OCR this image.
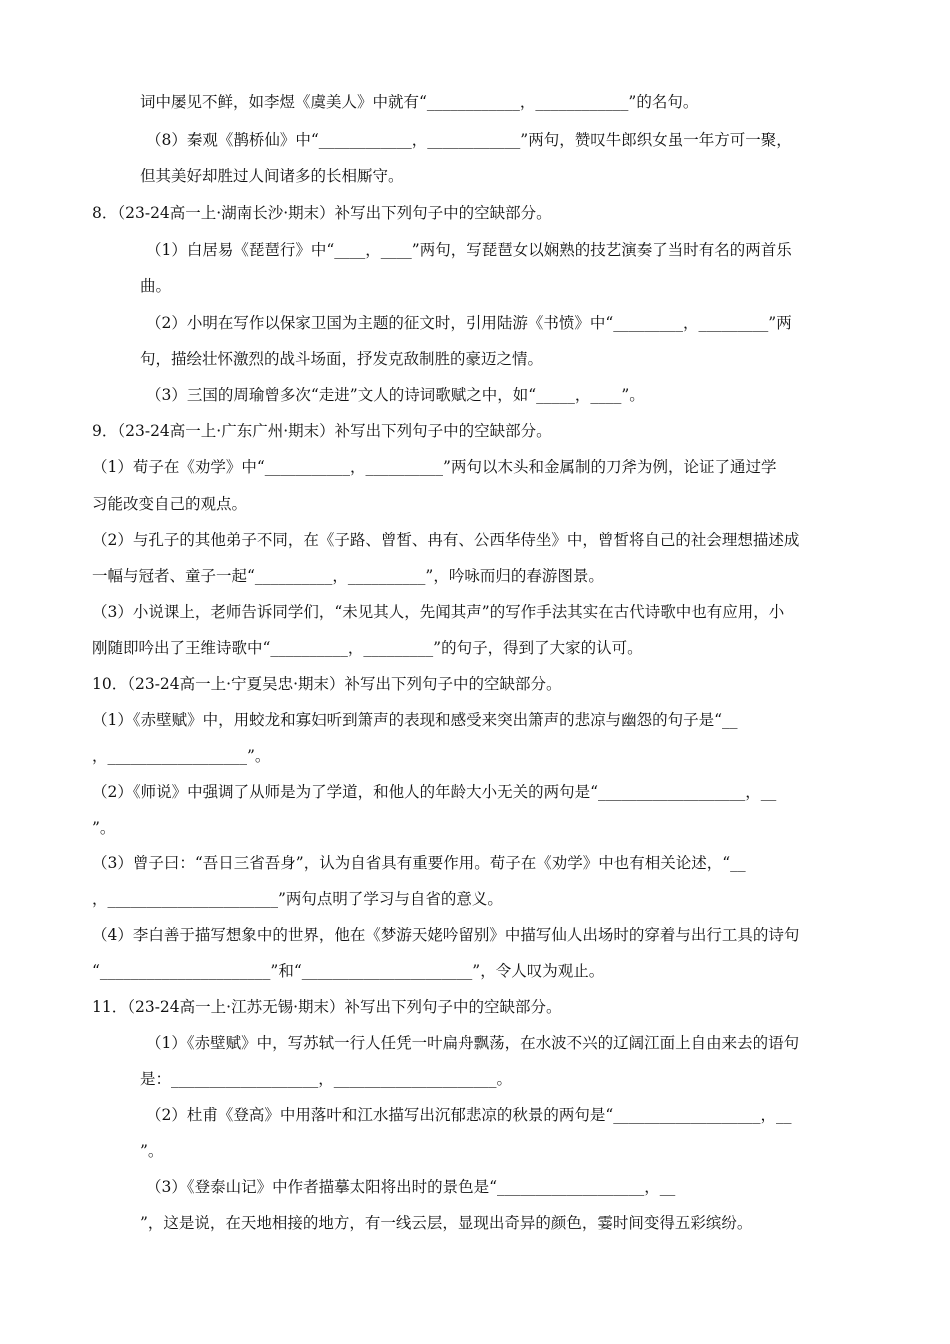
词中屡见不鲜，如李煜《虞美人》中就有“____________，____________”的名句。
（8）秦观《鹊桥仙》中“____________，____________”两句，赞叹牛郎织女虽一年方可一聚，
但其美好却胜过人间诸多的长相厮守。
8．（23-24高一上·湖南长沙·期末）补写出下列句子中的空缺部分。
（1）白居易《琵琶行》中“____，____”两句，写琵琶女以娴熟的技艺演奏了当时有名的两首乐
曲。
（2）小明在写作以保家卫国为主题的征文时，引用陆游《书愤》中“_________，_________”两
句，描绘壮怀激烈的战斗场面，抒发克敌制胜的豪迈之情。
（3）三国的周瑜曾多次“走进”文人的诗词歌赋之中，如“_____，____”。
9．（23-24高一上·广东广州·期末）补写出下列句子中的空缺部分。
（1）荀子在《劝学》中“___________，__________”两句以木头和金属制的刀斧为例，论证了通过学
习能改变自己的观点。
（2）与孔子的其他弟子不同，在《子路、曾皙、冉有、公西华侍坐》中，曾皙将自己的社会理想描述成
一幅与冠者、童子一起“__________，__________”，吟咏而归的春游图景。
（3）小说课上，老师告诉同学们，“未见其人，先闻其声”的写作手法其实在古代诗歌中也有应用，小
刚随即吟出了王维诗歌中“__________，_________”的句子，得到了大家的认可。
10．（23-24高一上·宁夏吴忠·期末）补写出下列句子中的空缺部分。
（1）《赤壁赋》中，用蛟龙和寡妇听到箫声的表现和感受来突出箫声的悲凉与幽怨的句子是“__
，__________________”。
（2）《师说》中强调了从师是为了学道，和他人的年龄大小无关的两句是“___________________，__
”。
（3）曾子曰：“吾日三省吾身”，认为自省具有重要作用。荀子在《劝学》中也有相关论述，“__
，______________________”两句点明了学习与自省的意义。
（4）李白善于描写想象中的世界，他在《梦游天姥吟留别》中描写仙人出场时的穿着与出行工具的诗句
“______________________”和“______________________”，令人叹为观止。
11．（23-24高一上·江苏无锡·期末）补写出下列句子中的空缺部分。
（1）《赤壁赋》中，写苏轼一行人任凭一叶扁舟飘荡，在水波不兴的辽阔江面上自由来去的语句
是：___________________，_____________________。
（2）杜甫《登高》中用落叶和江水描写出沉郁悲凉的秋景的两句是“___________________，__
”。
（3）《登泰山记》中作者描摹太阳将出时的景色是“___________________，__
”，这是说，在天地相接的地方，有一线云层，显现出奇异的颜色，霎时间变得五彩缤纷。
